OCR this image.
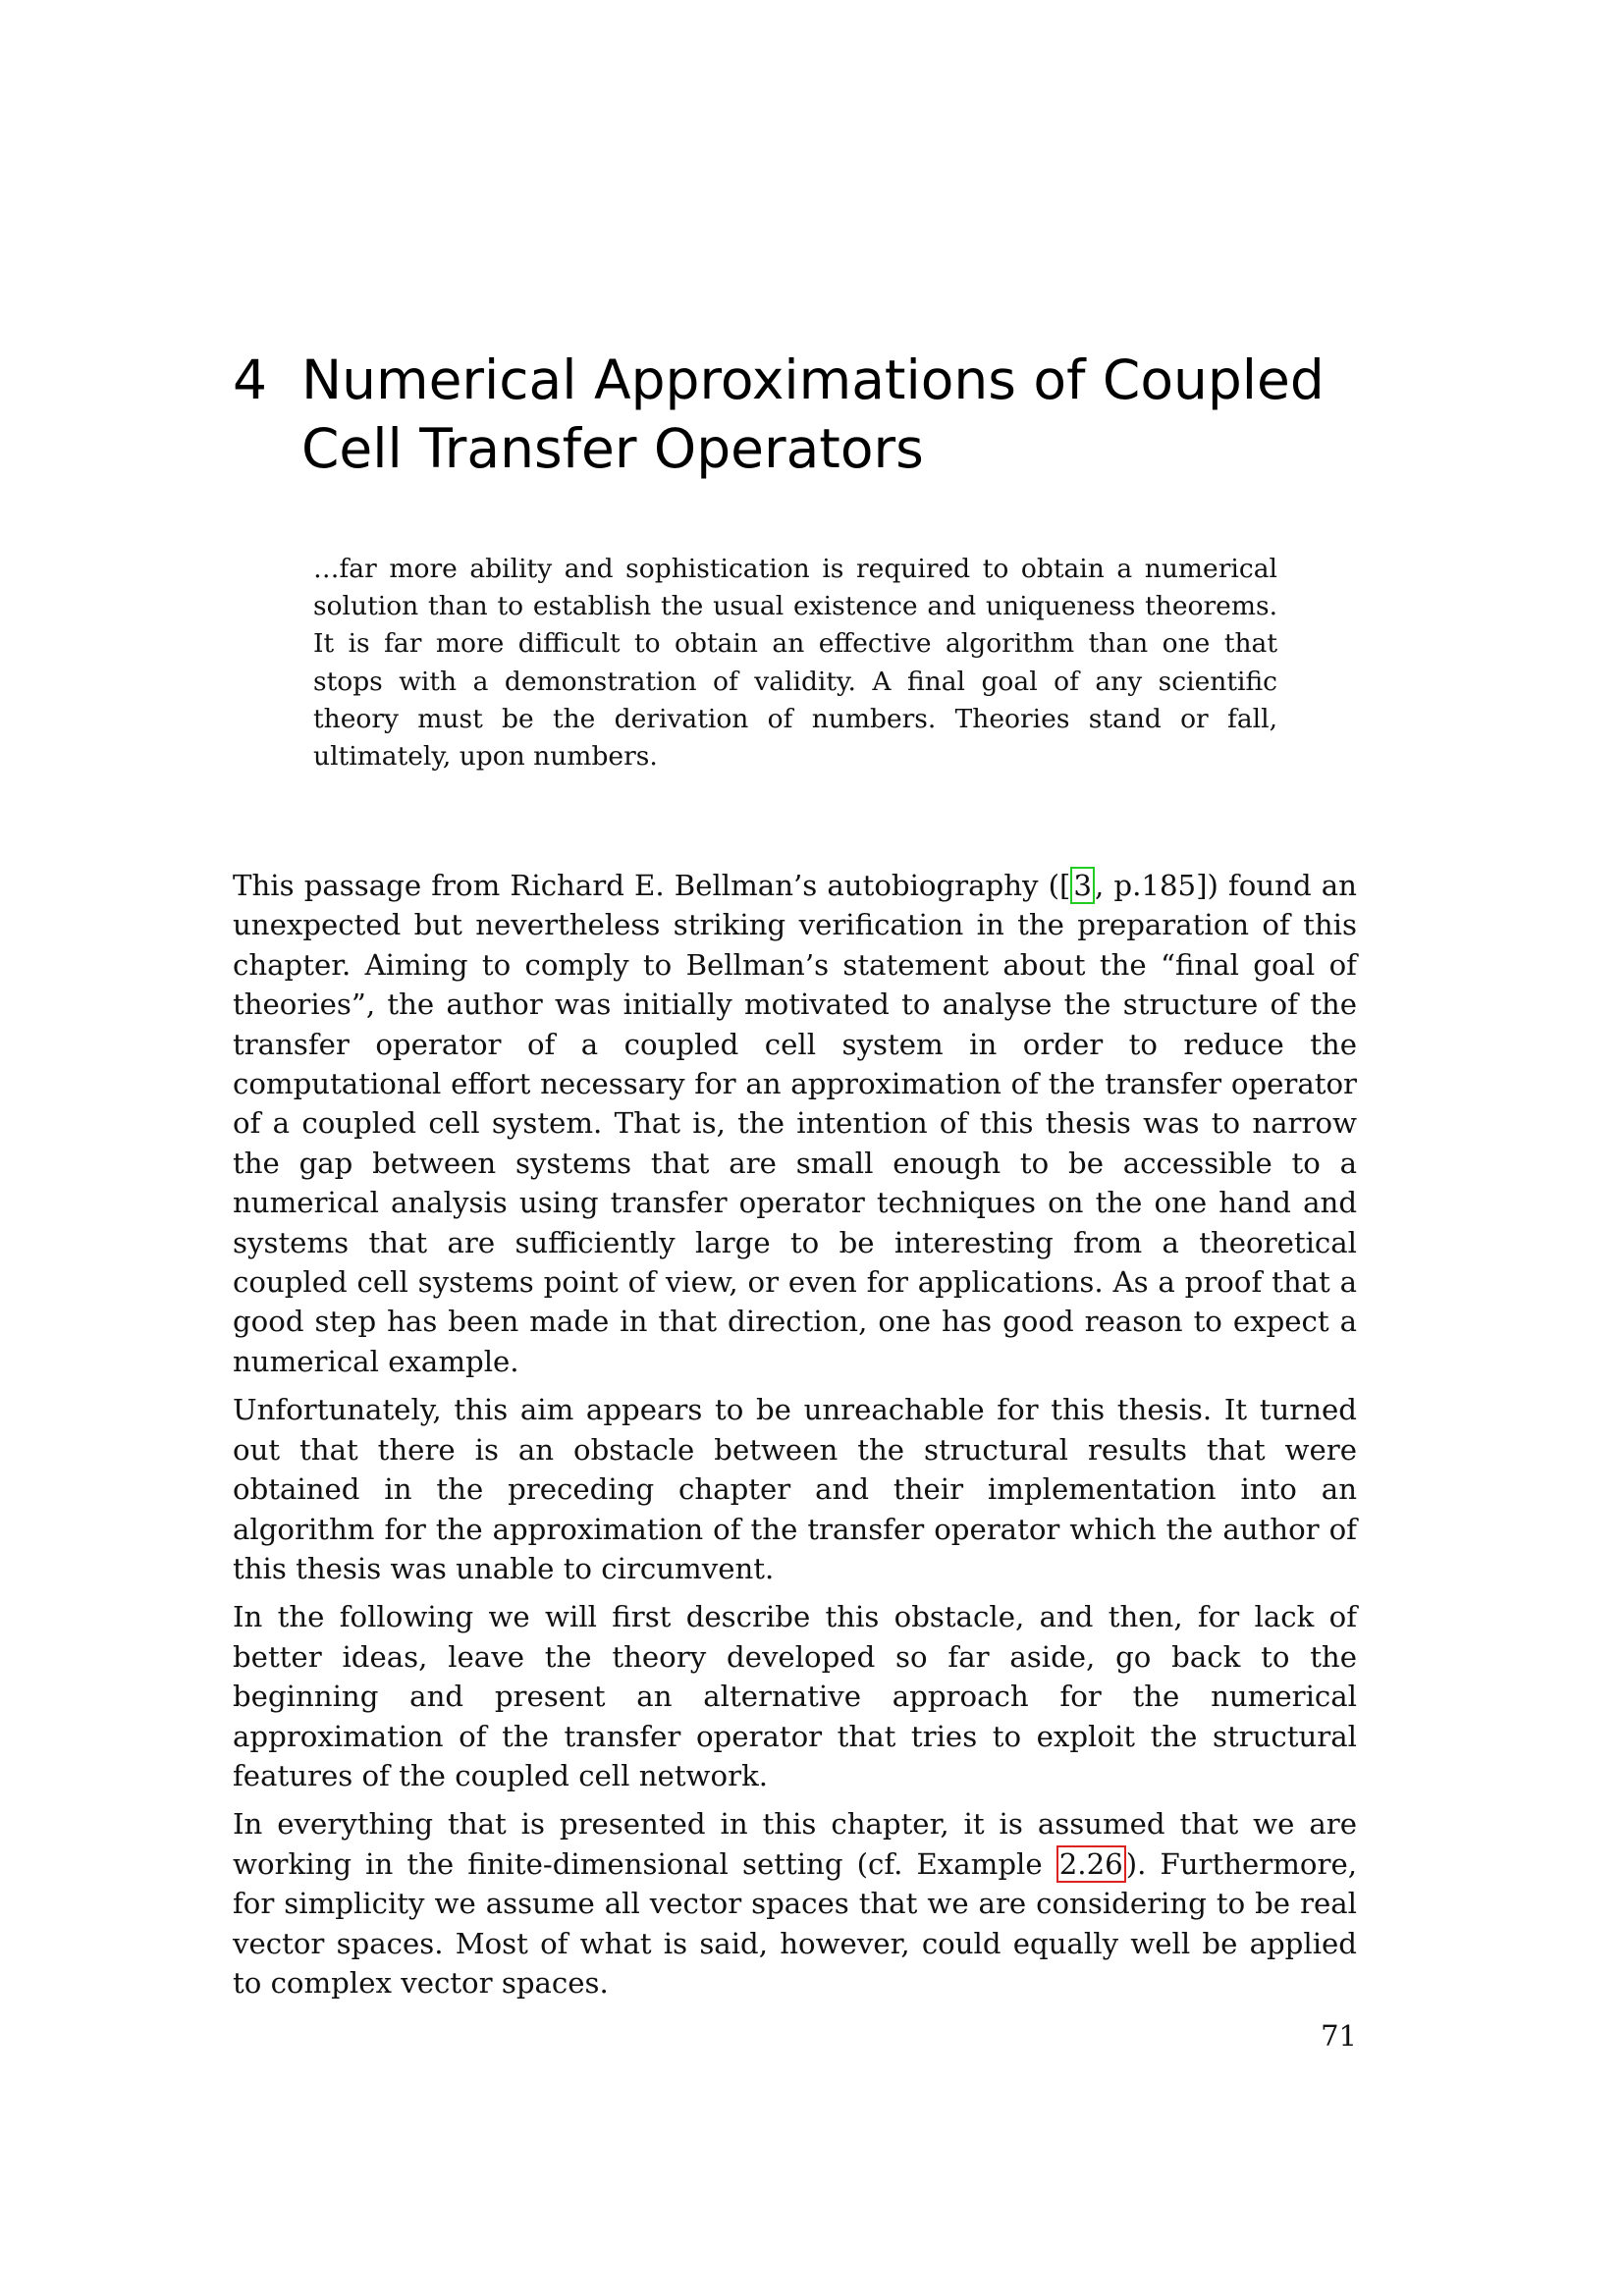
4 Numerical Approximations of Coupled Cell Transfer Operators

…far more ability and sophistication is required to obtain a numerical solution than to establish the usual existence and uniqueness theorems. It is far more difficult to obtain an effective algorithm than one that stops with a demonstration of validity. A final goal of any scientific theory must be the derivation of numbers. Theories stand or fall, ultimately, upon numbers.

This passage from Richard E. Bellman’s autobiography ([ 3 , p.185]) found an unexpected but nevertheless striking verification in the preparation of this chapter. Aiming to comply to Bellman’s statement about the “final goal of theories”, the author was initially motivated to analyse the structure of the transfer operator of a coupled cell system in order to reduce the computational effort necessary for an approximation of the transfer operator of a coupled cell system. That is, the intention of this thesis was to narrow the gap between systems that are small enough to be accessible to a numerical analysis using transfer operator techniques on the one hand and systems that are sufficiently large to be interesting from a theoretical coupled cell systems point of view, or even for applications. As a proof that a good step has been made in that direction, one has good reason to expect a numerical example.

Unfortunately, this aim appears to be unreachable for this thesis. It turned out that there is an obstacle between the structural results that were obtained in the preceding chapter and their implementation into an algorithm for the approximation of the transfer operator which the author of this thesis was unable to circumvent.

In the following we will first describe this obstacle, and then, for lack of better ideas, leave the theory developed so far aside, go back to the beginning and present an alternative approach for the numerical approximation of the transfer operator that tries to exploit the structural features of the coupled cell network.

In everything that is presented in this chapter, it is assumed that we are working in the finite-dimensional setting (cf. Example 2.26 ). Furthermore, for simplicity we assume all vector spaces that we are considering to be real vector spaces. Most of what is said, however, could equally well be applied to complex vector spaces.

71
